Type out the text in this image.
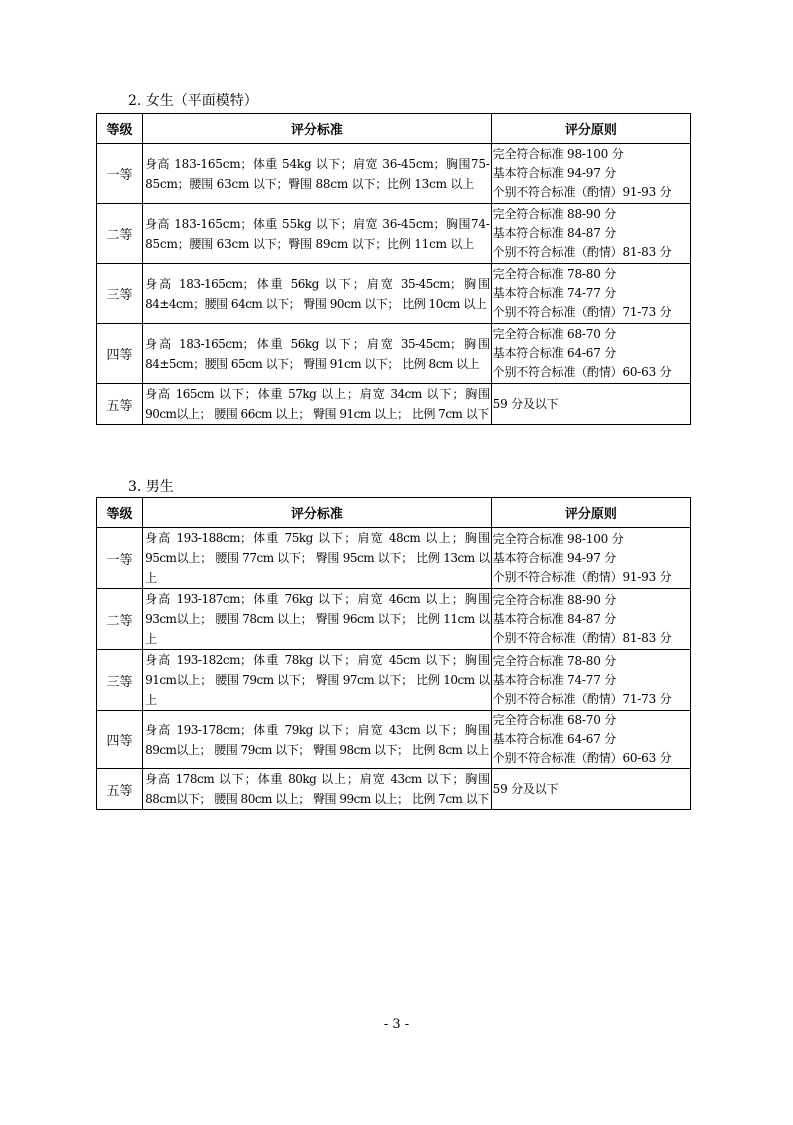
2. 女生（平面模特）
等级	评分标准	评分原则
一等	身高 183-165cm；体重 54kg 以下；肩宽 36-45cm；胸围75-85cm；腰围 63cm 以下；臀围 88cm 以下；比例 13cm 以上	完全符合标准 98-100 分
基本符合标准 94-97 分
个别不符合标准（酌情）91-93 分

二等	身高 183-165cm；体重 55kg 以下；肩宽 36-45cm；胸围74-85cm；腰围 63cm 以下；臀围 89cm 以下；比例 11cm 以上	完全符合标准 88-90 分
基本符合标准 84-87 分
个别不符合标准（酌情）81-83 分

三等	身高 183-165cm；体重 56kg 以下；肩宽 35-45cm；胸围 84±4cm；腰围 64cm 以下； 臀围 90cm 以下； 比例 10cm 以上	完全符合标准 78-80 分
基本符合标准 74-77 分
个别不符合标准（酌情）71-73 分

四等	身高 183-165cm；体重 56kg 以下；肩宽 35-45cm；胸围 84±5cm；腰围 65cm 以下； 臀围 91cm 以下； 比例 8cm 以上	完全符合标准 68-70 分
基本符合标准 64-67 分
个别不符合标准（酌情）60-63 分

五等	身高 165cm 以下；体重 57kg 以上；肩宽 34cm 以下；胸围 90cm以上； 腰围 66cm 以上； 臀围 91cm 以上； 比例 7cm 以下	59 分及以下
3. 男生
等级	评分标准	评分原则
一等	身高 193-188cm；体重 75kg 以下；肩宽 48cm 以上；胸围 95cm以上； 腰围 77cm 以下； 臀围 95cm 以下； 比例 13cm 以上	完全符合标准 98-100 分
基本符合标准 94-97 分
个别不符合标准（酌情）91-93 分

二等	身高 193-187cm；体重 76kg 以下；肩宽 46cm 以上；胸围 93cm以上； 腰围 78cm 以上； 臀围 96cm 以下； 比例 11cm 以上	完全符合标准 88-90 分
基本符合标准 84-87 分
个别不符合标准（酌情）81-83 分

三等	身高 193-182cm；体重 78kg 以下；肩宽 45cm 以下；胸围 91cm以上； 腰围 79cm 以下； 臀围 97cm 以下； 比例 10cm 以上	完全符合标准 78-80 分
基本符合标准 74-77 分
个别不符合标准（酌情）71-73 分

四等	身高 193-178cm；体重 79kg 以下；肩宽 43cm 以下；胸围 89cm以上； 腰围 79cm 以下； 臀围 98cm 以下； 比例 8cm 以上	完全符合标准 68-70 分
基本符合标准 64-67 分
个别不符合标准（酌情）60-63 分

五等	身高 178cm 以下；体重 80kg 以上；肩宽 43cm 以下；胸围 88cm以下； 腰围 80cm 以上； 臀围 99cm 以上； 比例 7cm 以下	59 分及以下
- 3 -
